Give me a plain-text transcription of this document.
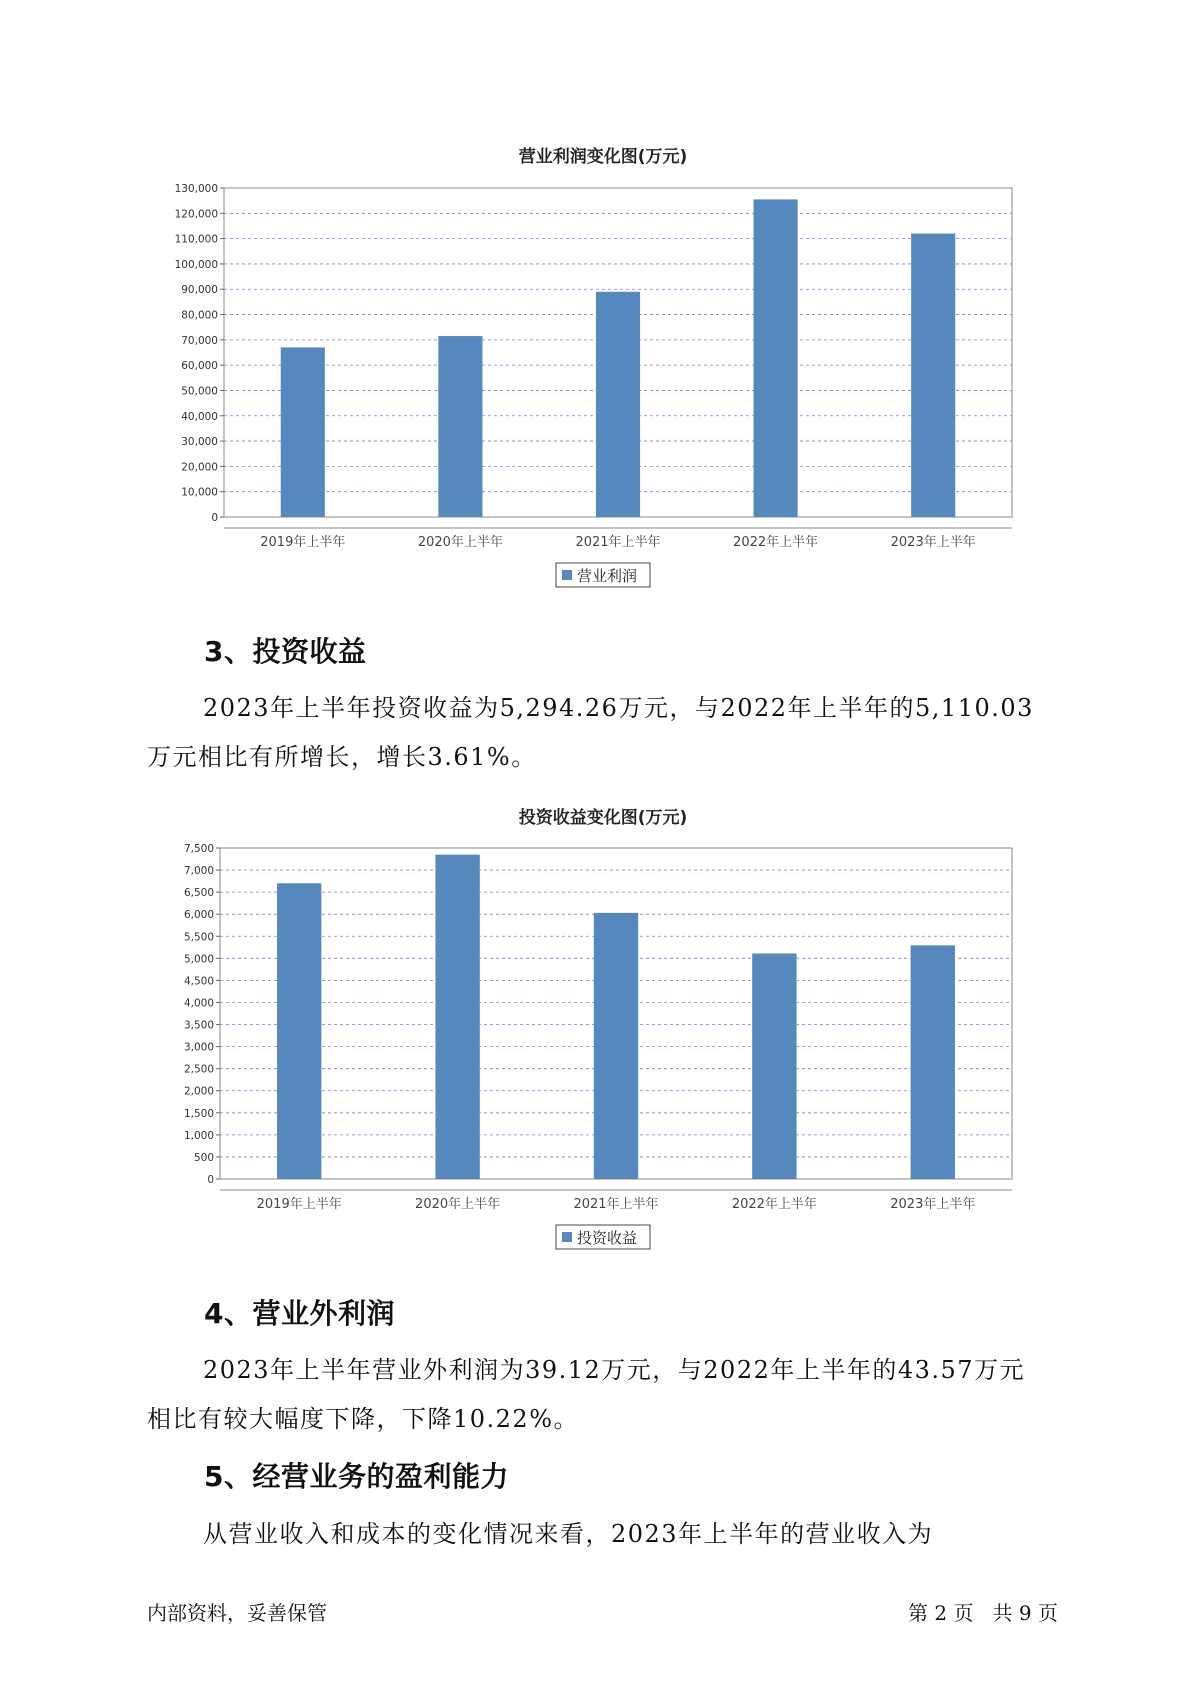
营业利润变化图(万元)
0
10,000
20,000
30,000
40,000
50,000
60,000
70,000
80,000
90,000
100,000
110,000
120,000
130,000
2019年上半年	2020年上半年	2021年上半年	2022年上半年	2023年上半年
营业利润
3、投资收益

2023年上半年投资收益为5,294.26万元，与2022年上半年的5,110.03万元相比有所增长，增长3.61%。

投资收益变化图(万元)
0
500
1,000
1,500
2,000
2,500
3,000
3,500
4,000
4,500
5,000
5,500
6,000
6,500
7,000
7,500
2019年上半年	2020年上半年	2021年上半年	2022年上半年	2023年上半年
投资收益
4、营业外利润

2023年上半年营业外利润为39.12万元，与2022年上半年的43.57万元相比有较大幅度下降，下降10.22%。

5、经营业务的盈利能力

从营业收入和成本的变化情况来看，2023年上半年的营业收入为

内部资料，妥善保管	第 2 页   共 9 页
